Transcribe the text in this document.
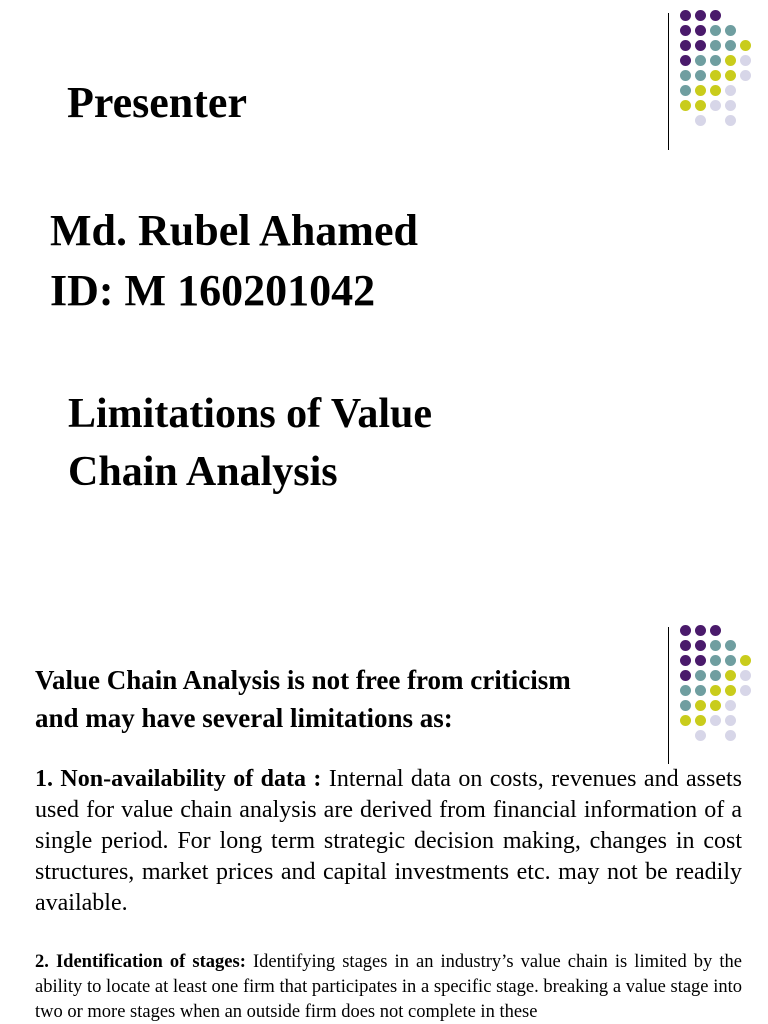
Presenter
Md. Rubel Ahamed
ID: M 160201042
Limitations of Value
Chain Analysis
Value Chain Analysis is not free from criticism
and may have several limitations as:
1. Non-availability of data : Internal data on costs, revenues and assets used for value chain analysis are derived from financial information of a single period. For long term strategic decision making, changes in cost structures, market prices and capital investments etc. may not be readily available.
2. Identification of stages: Identifying stages in an industry’s value chain is limited by the ability to locate at least one firm that participates in a specific stage. breaking a value stage into two or more stages when an outside firm does not complete in these
